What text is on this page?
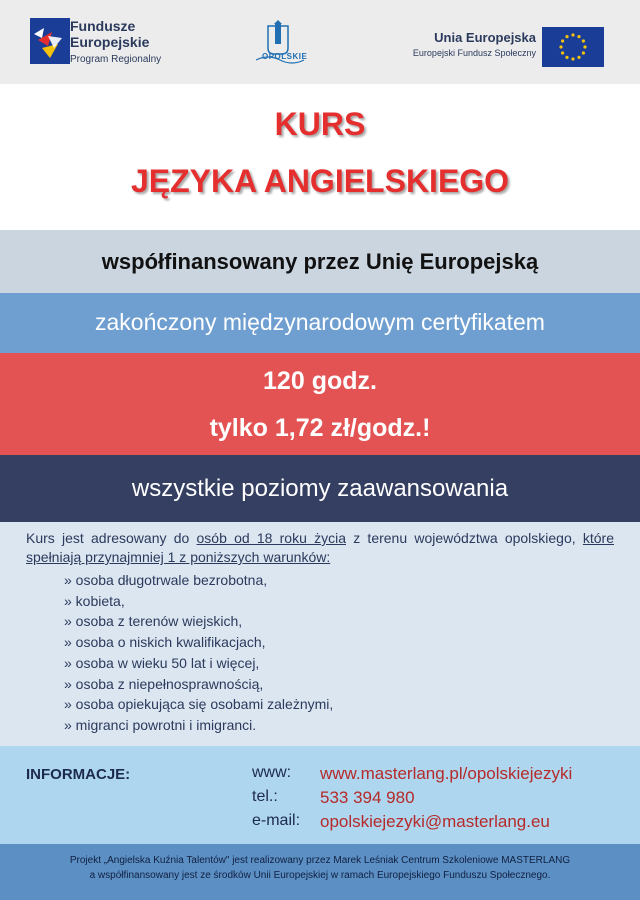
Fundusze
Europejskie
Program Regionalny	OPOLSKIE
Unia Europejska
Europejski Fundusz Społeczny
KURS
JĘZYKA ANGIELSKIEGO
współfinansowany przez Unię Europejską
zakończony międzynarodowym certyfikatem
120 godz.
tylko 1,72 zł/godz.!
wszystkie poziomy zaawansowania
Kurs jest adresowany do osób od 18 roku życia z terenu województwa opolskiego, które spełniają przynajmniej 1 z poniższych warunków:
» osoba długotrwale bezrobotna,
» kobieta,
» osoba z terenów wiejskich,
» osoba o niskich kwalifikacjach,
» osoba w wieku 50 lat i więcej,
» osoba z niepełnosprawnością,
» osoba opiekująca się osobami zależnymi,
» migranci powrotni i imigranci.
INFORMACJE:	www: www.masterlang.pl/opolskiejezyki
tel.: 533 394 980
e-mail: opolskiejezyki@masterlang.eu
Projekt „Angielska Kuźnia Talentów" jest realizowany przez Marek Leśniak Centrum Szkoleniowe MASTERLANG
a współfinansowany jest ze środków Unii Europejskiej w ramach Europejskiego Funduszu Społecznego.
